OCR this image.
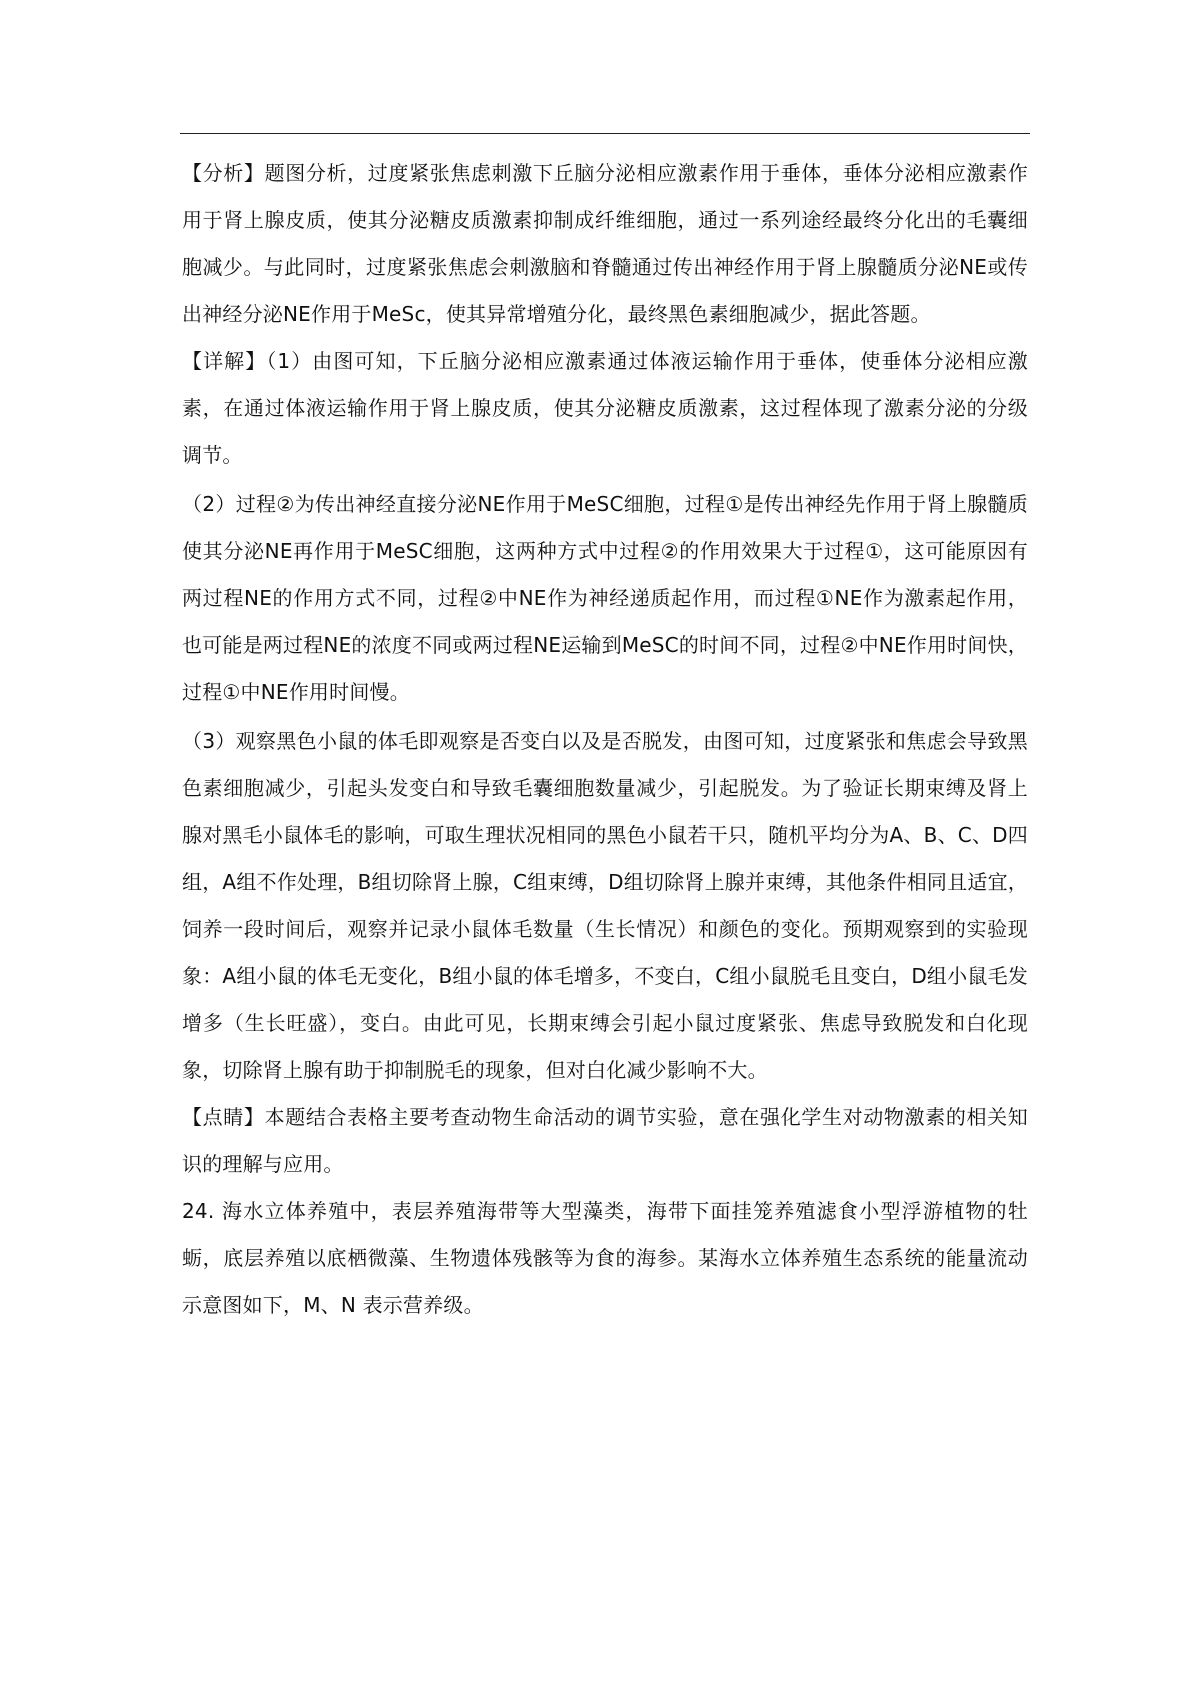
【分析】题图分析，过度紧张焦虑刺激下丘脑分泌相应激素作用于垂体，垂体分泌相应激素作用于肾上腺皮质，使其分泌糖皮质激素抑制成纤维细胞，通过一系列途经最终分化出的毛囊细胞减少。与此同时，过度紧张焦虑会刺激脑和脊髓通过传出神经作用于肾上腺髓质分泌NE或传出神经分泌NE作用于MeSc，使其异常增殖分化，最终黑色素细胞减少，据此答题。

【详解】（1）由图可知，下丘脑分泌相应激素通过体液运输作用于垂体，使垂体分泌相应激素，在通过体液运输作用于肾上腺皮质，使其分泌糖皮质激素，这过程体现了激素分泌的分级调节。

（2）过程②为传出神经直接分泌NE作用于MeSC细胞，过程①是传出神经先作用于肾上腺髓质使其分泌NE再作用于MeSC细胞，这两种方式中过程②的作用效果大于过程①，这可能原因有两过程NE的作用方式不同，过程②中NE作为神经递质起作用，而过程①NE作为激素起作用，也可能是两过程NE的浓度不同或两过程NE运输到MeSC的时间不同，过程②中NE作用时间快，过程①中NE作用时间慢。

（3）观察黑色小鼠的体毛即观察是否变白以及是否脱发，由图可知，过度紧张和焦虑会导致黑色素细胞减少，引起头发变白和导致毛囊细胞数量减少，引起脱发。为了验证长期束缚及肾上腺对黑毛小鼠体毛的影响，可取生理状况相同的黑色小鼠若干只，随机平均分为A、B、C、D四组，A组不作处理，B组切除肾上腺，C组束缚，D组切除肾上腺并束缚，其他条件相同且适宜，饲养一段时间后，观察并记录小鼠体毛数量（生长情况）和颜色的变化。预期观察到的实验现象：A组小鼠的体毛无变化，B组小鼠的体毛增多，不变白，C组小鼠脱毛且变白，D组小鼠毛发增多（生长旺盛），变白。由此可见，长期束缚会引起小鼠过度紧张、焦虑导致脱发和白化现象，切除肾上腺有助于抑制脱毛的现象，但对白化减少影响不大。

【点睛】本题结合表格主要考查动物生命活动的调节实验，意在强化学生对动物激素的相关知识的理解与应用。

24. 海水立体养殖中，表层养殖海带等大型藻类，海带下面挂笼养殖滤食小型浮游植物的牡蛎，底层养殖以底栖微藻、生物遗体残骸等为食的海参。某海水立体养殖生态系统的能量流动示意图如下，M、N 表示营养级。
